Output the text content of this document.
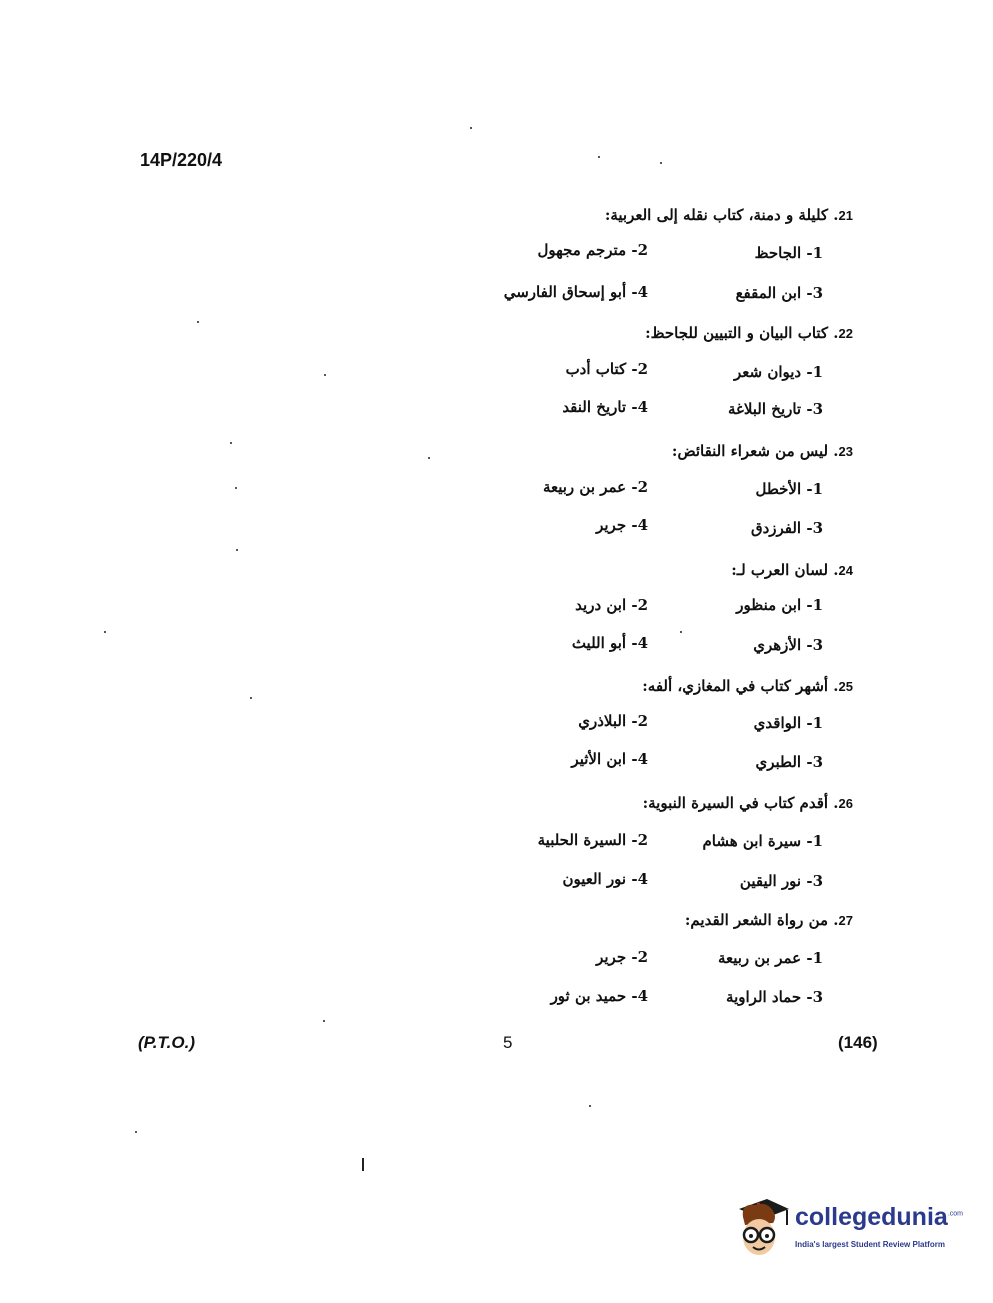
14P/220/4
21. كليلة و دمنة، كتاب نقله إلى العربية:
1- الجاحظ
2- مترجم مجهول
3- ابن المقفع
4- أبو إسحاق الفارسي
22. كتاب البيان و التبيين للجاحظ:
1- ديوان شعر
2- كتاب أدب
3- تاريخ البلاغة
4- تاريخ النقد
23. ليس من شعراء النقائض:
1- الأخطل
2- عمر بن ربيعة
3- الفرزدق
4- جرير
24. لسان العرب لـ:
1- ابن منظور
2- ابن دريد
3- الأزهري
4- أبو الليث
25. أشهر كتاب في المغازي، ألفه:
1- الواقدي
2- البلاذري
3- الطبري
4- ابن الأثير
26. أقدم كتاب في السيرة النبوية:
1- سيرة ابن هشام
2- السيرة الحلبية
3- نور اليقين
4- نور العيون
27. من رواة الشعر القديم:
1- عمر بن ربيعة
2- جرير
3- حماد الراوية
4- حميد بن ثور
(P.T.O.)	5	(146)
collegedunia$^{.com}$
India's largest Student Review Platform
